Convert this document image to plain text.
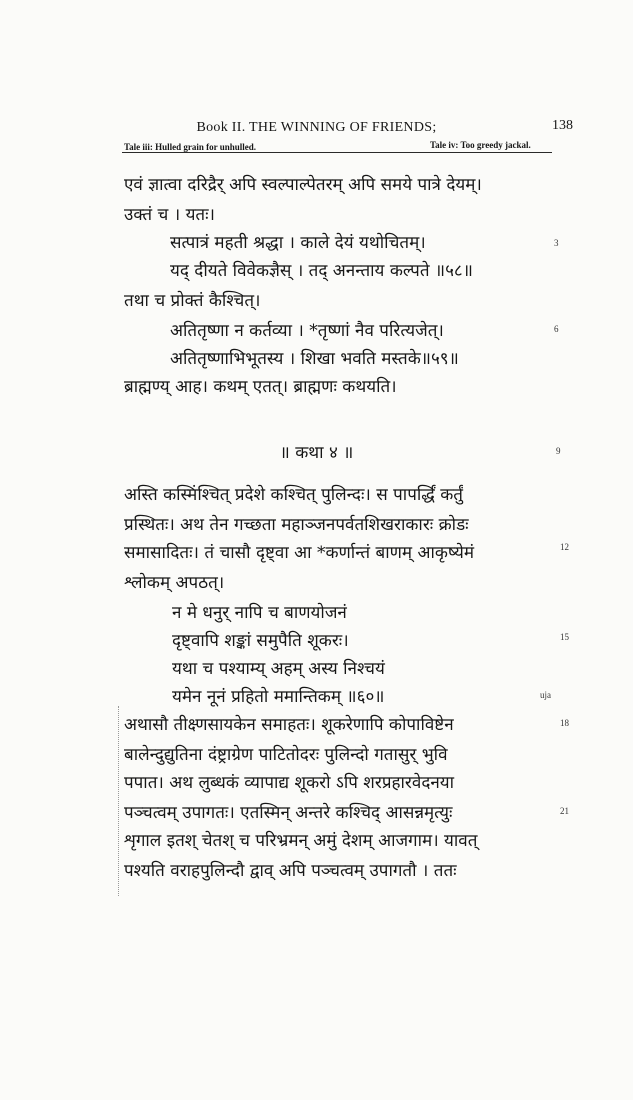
Book II. THE WINNING OF FRIENDS;	138
Tale iii: Hulled grain for unhulled.	Tale iv: Too greedy jackal.
एवं ज्ञात्वा दरिद्रैर् अपि स्वल्पाल्पेतरम् अपि समये पात्रे देयम्।
उक्तं च । यतः।
सत्पात्रं महती श्रद्धा । काले देयं यथोचितम्।
यद् दीयते विवेकज्ञैस् । तद् अनन्ताय कल्पते ॥५८॥
तथा च प्रोक्तं कैश्चित्।
अतितृष्णा न कर्तव्या । *तृष्णां नैव परित्यजेत्।
अतितृष्णाभिभूतस्य । शिखा भवति मस्तके॥५९॥
ब्राह्मण्य् आह। कथम् एतत्। ब्राह्मणः कथयति।
3
6
॥ कथा ४ ॥	9
अस्ति कस्मिंश्चित् प्रदेशे कश्चित् पुलिन्दः। स पापर्द्धिं कर्तुं
प्रस्थितः। अथ तेन गच्छता महाञ्जनपर्वतशिखराकारः क्रोडः
समासादितः। तं चासौ दृष्ट्वा आ *कर्णान्तं बाणम् आकृष्येमं
श्लोकम् अपठत्।
न मे धनुर् नापि च बाणयोजनं
दृष्ट्वापि शङ्कां समुपैति शूकरः।
यथा च पश्याम्य् अहम् अस्य निश्चयं
यमेन नूनं प्रहितो ममान्तिकम् ॥६०॥
अथासौ तीक्ष्णसायकेन समाहतः। शूकरेणापि कोपाविष्टेन
बालेन्दुद्युतिना दंष्ट्राग्रेण पाटितोदरः पुलिन्दो गतासुर् भुवि
पपात। अथ लुब्धकं व्यापाद्य शूकरो ऽपि शरप्रहारवेदनया
पञ्चत्वम् उपागतः। एतस्मिन् अन्तरे कश्चिद् आसन्नमृत्युः
शृगाल इतश् चेतश् च परिभ्रमन् अमुं देशम् आजगाम। यावत्
पश्यति वराहपुलिन्दौ द्वाव् अपि पञ्चत्वम् उपागतौ । ततः
12
15
18
21
uja
